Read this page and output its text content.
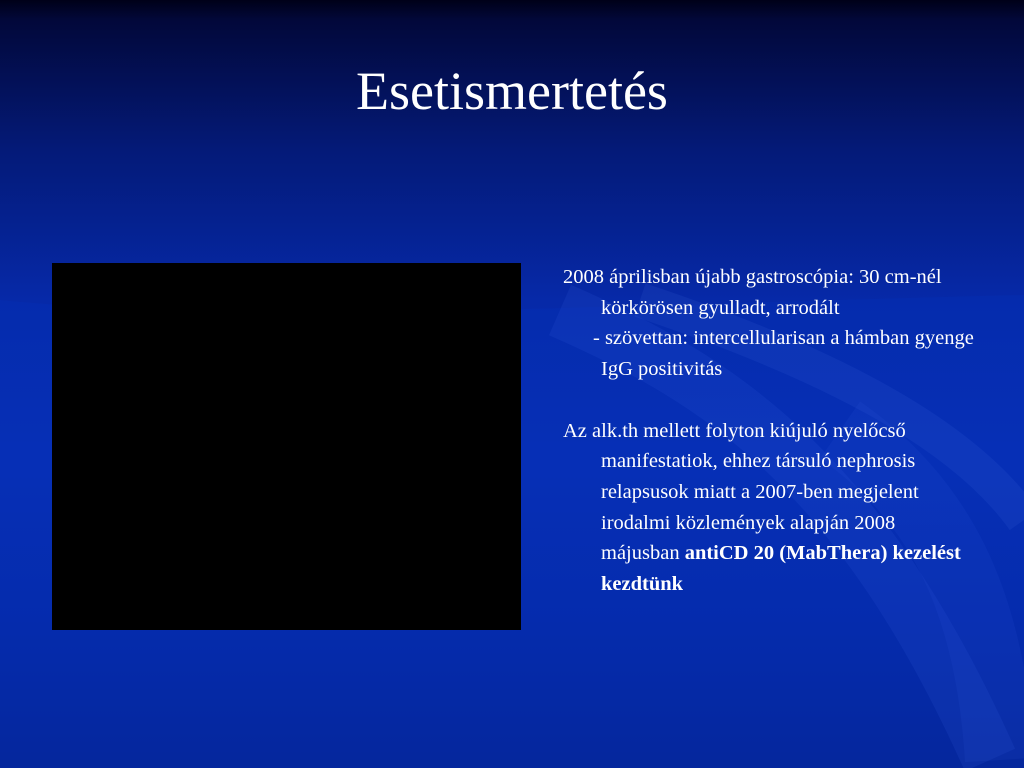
Esetismertetés

2008 áprilisban újabb gastroscópia: 30 cm-nél körkörösen gyulladt, arrodált

- szövettan: intercellularisan a hámban gyenge IgG positivitás

Az alk.th mellett folyton kiújuló nyelőcső manifestatiok, ehhez társuló nephrosis relapsusok miatt a 2007-ben megjelent irodalmi közlemények alapján 2008 májusban antiCD 20 (MabThera) kezelést kezdtünk
